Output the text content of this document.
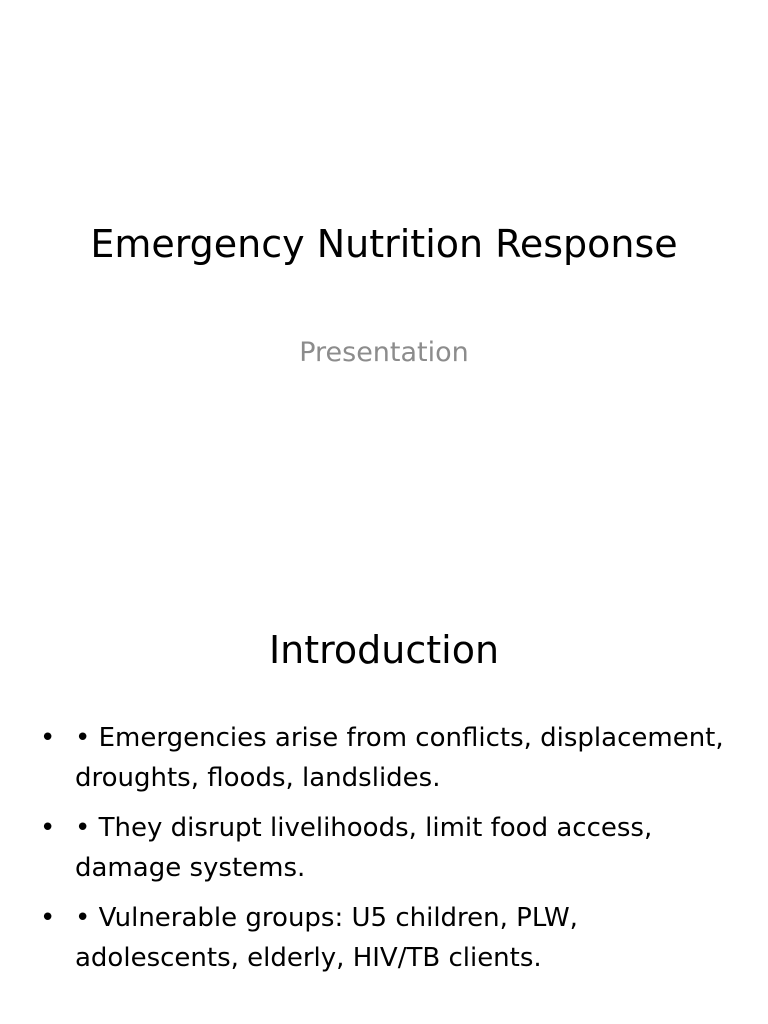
Emergency Nutrition Response
Presentation
Introduction
• • Emergencies arise from conflicts, displacement, droughts, floods, landslides.
• • They disrupt livelihoods, limit food access, damage systems.
• • Vulnerable groups: U5 children, PLW, adolescents, elderly, HIV/TB clients.
